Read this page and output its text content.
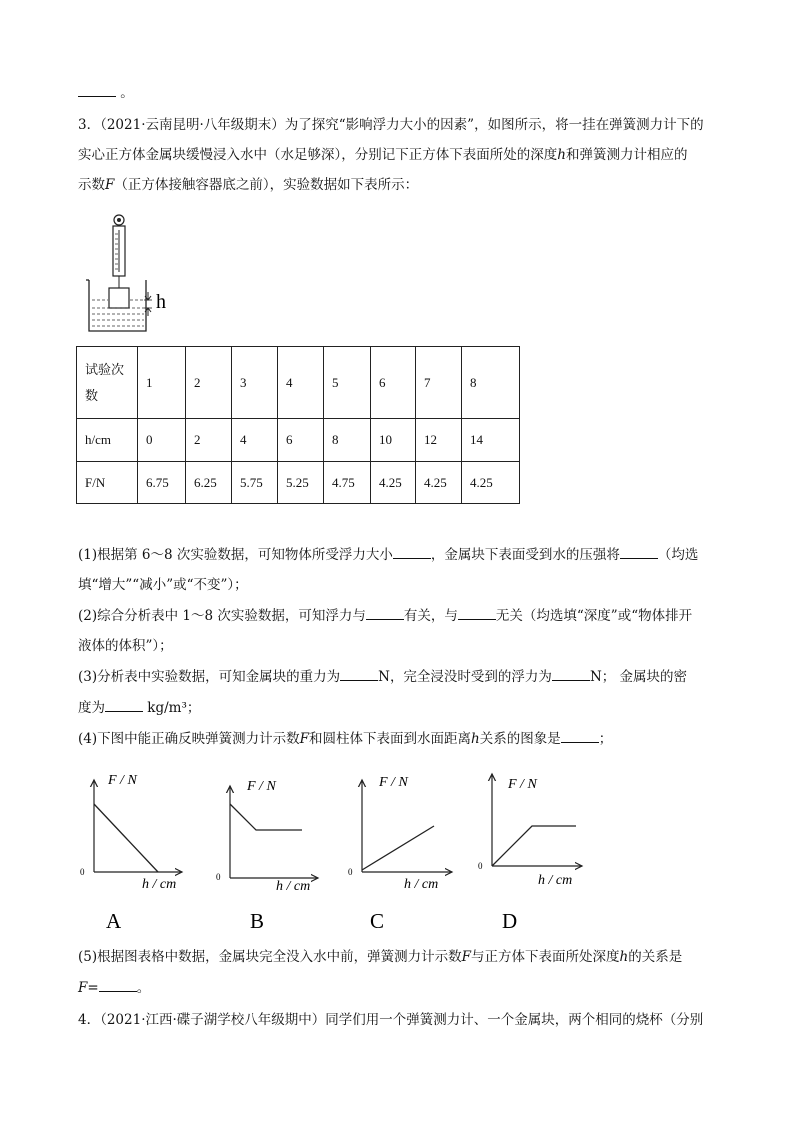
。
3．（2021·云南昆明·八年级期末）为了探究“影响浮力大小的因素”，如图所示，将一挂在弹簧测力计下的
实心正方体金属块缓慢浸入水中（水足够深），分别记下正方体下表面所处的深度h和弹簧测力计相应的
示数F（正方体接触容器底之前），实验数据如下表所示：
h
试验次数	1	2	3	4	5	6	7	8
h/cm	0	2	4	6	8	10	12	14
F/N	6.75	6.25	5.75	5.25	4.75	4.25	4.25	4.25
(1)根据第 6～8 次实验数据，可知物体所受浮力大小	，金属块下表面受到水的压强将	（均选
填“增大”“减小”或“不变”）；
(2)综合分析表中 1～8 次实验数据，可知浮力与	有关，与	无关（均选填“深度”或“物体排开
液体的体积”）；
(3)分析表中实验数据，可知金属块的重力为	N，完全浸没时受到的浮力为	N； 金属块的密
度为	kg/m³；
(4)下图中能正确反映弹簧测力计示数F和圆柱体下表面到水面距离h关系的图象是	；
F / N
h / cm
0
A
F / N
h / cm
0
B
F / N
h / cm
0
C
F / N
h / cm
0
D
(5)根据图表格中数据，金属块完全没入水中前，弹簧测力计示数F与正方体下表面所处深度h的关系是
F=	。
4．（2021·江西·碟子湖学校八年级期中）同学们用一个弹簧测力计、一个金属块，两个相同的烧杯（分别
